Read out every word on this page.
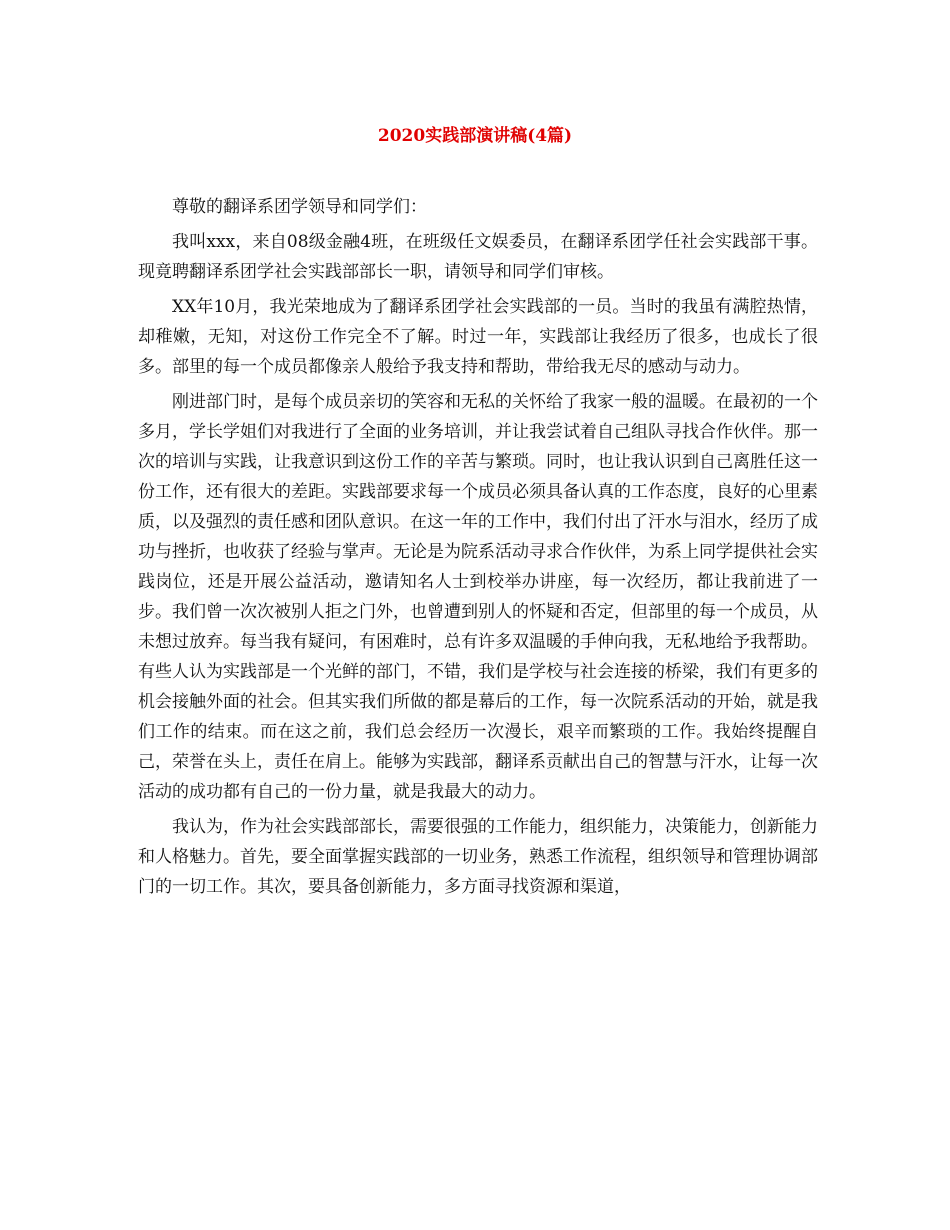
2020实践部演讲稿(4篇)

尊敬的翻译系团学领导和同学们：

我叫xxx，来自08级金融4班，在班级任文娱委员，在翻译系团学任社会实践部干事。现竟聘翻译系团学社会实践部部长一职，请领导和同学们审核。

XX年10月，我光荣地成为了翻译系团学社会实践部的一员。当时的我虽有满腔热情，却稚嫩，无知，对这份工作完全不了解。时过一年，实践部让我经历了很多，也成长了很多。部里的每一个成员都像亲人般给予我支持和帮助，带给我无尽的感动与动力。

刚进部门时，是每个成员亲切的笑容和无私的关怀给了我家一般的温暖。在最初的一个多月，学长学姐们对我进行了全面的业务培训，并让我尝试着自己组队寻找合作伙伴。那一次的培训与实践，让我意识到这份工作的辛苦与繁琐。同时，也让我认识到自己离胜任这一份工作，还有很大的差距。实践部要求每一个成员必须具备认真的工作态度，良好的心里素质，以及强烈的责任感和团队意识。在这一年的工作中，我们付出了汗水与泪水，经历了成功与挫折，也收获了经验与掌声。无论是为院系活动寻求合作伙伴，为系上同学提供社会实践岗位，还是开展公益活动，邀请知名人士到校举办讲座，每一次经历，都让我前进了一步。我们曾一次次被别人拒之门外，也曾遭到别人的怀疑和否定，但部里的每一个成员，从未想过放弃。每当我有疑问，有困难时，总有许多双温暖的手伸向我，无私地给予我帮助。有些人认为实践部是一个光鲜的部门，不错，我们是学校与社会连接的桥梁，我们有更多的机会接触外面的社会。但其实我们所做的都是幕后的工作，每一次院系活动的开始，就是我们工作的结束。而在这之前，我们总会经历一次漫长，艰辛而繁琐的工作。我始终提醒自己，荣誉在头上，责任在肩上。能够为实践部，翻译系贡献出自己的智慧与汗水，让每一次活动的成功都有自己的一份力量，就是我最大的动力。

我认为，作为社会实践部部长，需要很强的工作能力，组织能力，决策能力，创新能力和人格魅力。首先，要全面掌握实践部的一切业务，熟悉工作流程，组织领导和管理协调部门的一切工作。其次，要具备创新能力，多方面寻找资源和渠道，
